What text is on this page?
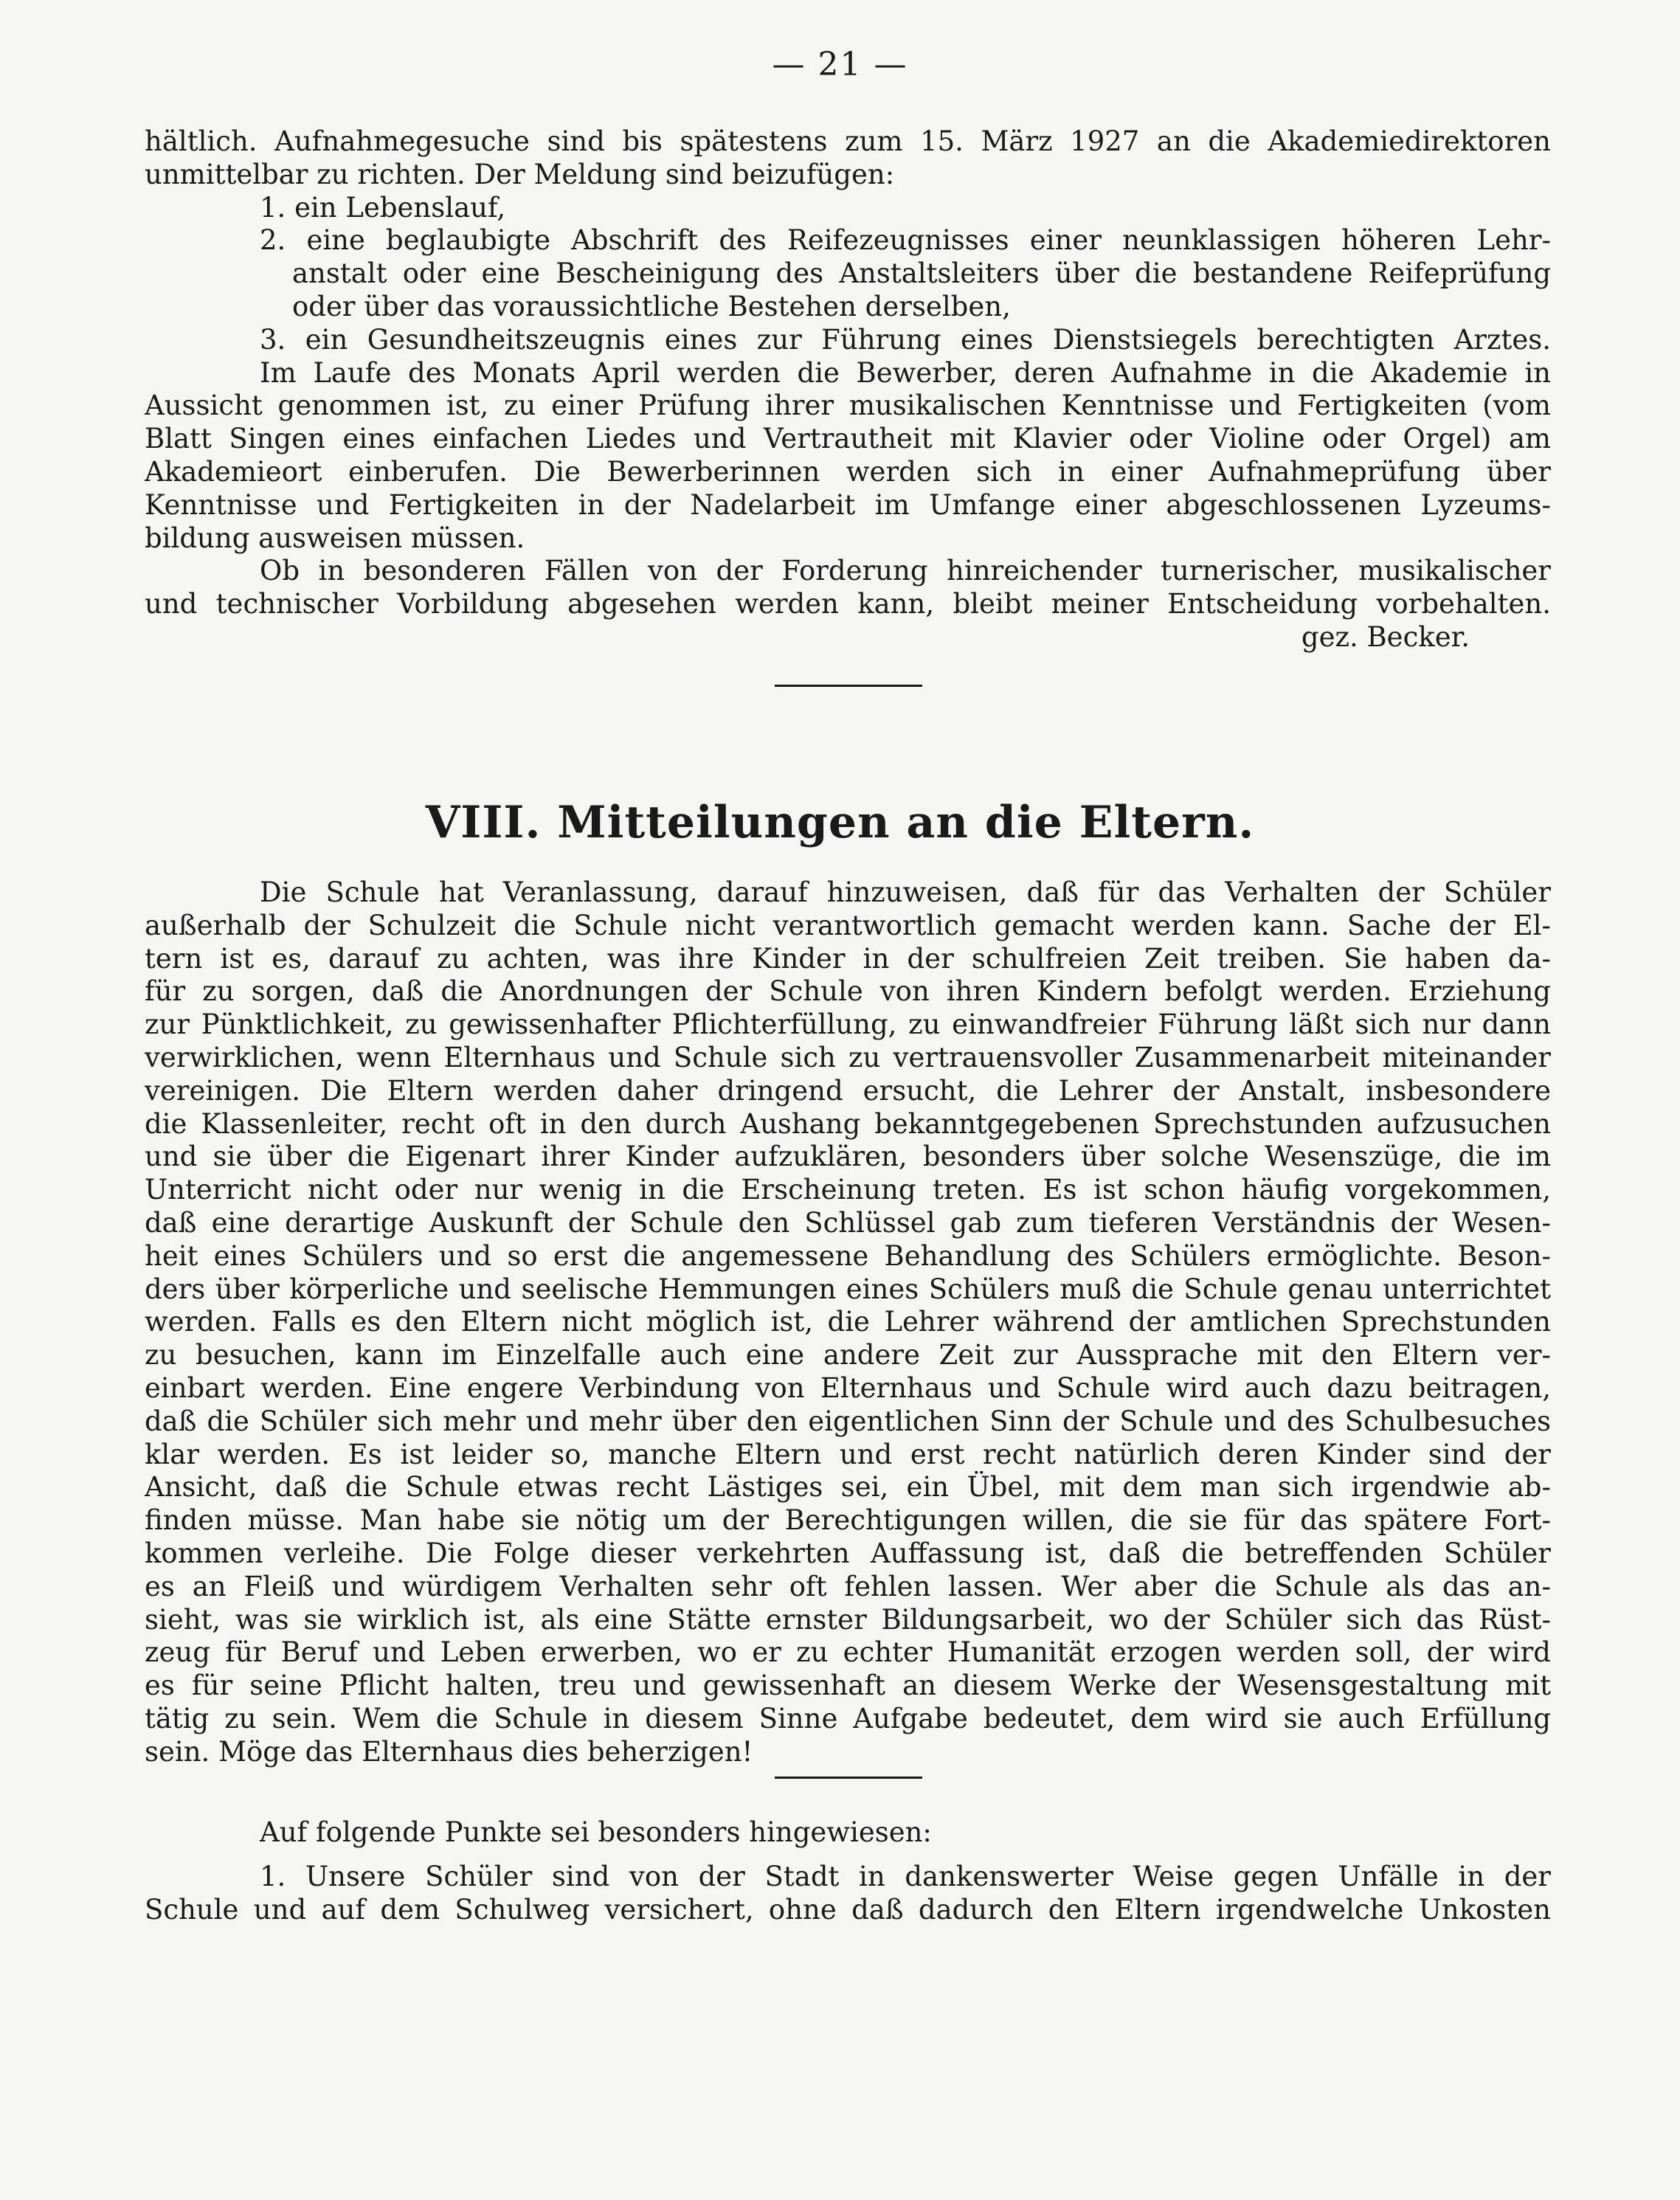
— 21 —
hältlich. Aufnahmegesuche sind bis spätestens zum 15. März 1927 an die Akademiedirektoren
unmittelbar zu richten. Der Meldung sind beizufügen:
1. ein Lebenslauf,
2. eine beglaubigte Abschrift des Reifezeugnisses einer neunklassigen höheren Lehr-
anstalt oder eine Bescheinigung des Anstaltsleiters über die bestandene Reifeprüfung
oder über das voraussichtliche Bestehen derselben,
3. ein Gesundheitszeugnis eines zur Führung eines Dienstsiegels berechtigten Arztes.
Im Laufe des Monats April werden die Bewerber, deren Aufnahme in die Akademie in
Aussicht genommen ist, zu einer Prüfung ihrer musikalischen Kenntnisse und Fertigkeiten (vom
Blatt Singen eines einfachen Liedes und Vertrautheit mit Klavier oder Violine oder Orgel) am
Akademieort einberufen. Die Bewerberinnen werden sich in einer Aufnahmeprüfung über
Kenntnisse und Fertigkeiten in der Nadelarbeit im Umfange einer abgeschlossenen Lyzeums-
bildung ausweisen müssen.
Ob in besonderen Fällen von der Forderung hinreichender turnerischer, musikalischer
und technischer Vorbildung abgesehen werden kann, bleibt meiner Entscheidung vorbehalten.
gez. Becker.
VIII. Mitteilungen an die Eltern.
Die Schule hat Veranlassung, darauf hinzuweisen, daß für das Verhalten der Schüler
außerhalb der Schulzeit die Schule nicht verantwortlich gemacht werden kann. Sache der El-
tern ist es, darauf zu achten, was ihre Kinder in der schulfreien Zeit treiben. Sie haben da-
für zu sorgen, daß die Anordnungen der Schule von ihren Kindern befolgt werden. Erziehung
zur Pünktlichkeit, zu gewissenhafter Pflichterfüllung, zu einwandfreier Führung läßt sich nur dann
verwirklichen, wenn Elternhaus und Schule sich zu vertrauensvoller Zusammenarbeit miteinander
vereinigen. Die Eltern werden daher dringend ersucht, die Lehrer der Anstalt, insbesondere
die Klassenleiter, recht oft in den durch Aushang bekanntgegebenen Sprechstunden aufzusuchen
und sie über die Eigenart ihrer Kinder aufzuklären, besonders über solche Wesenszüge, die im
Unterricht nicht oder nur wenig in die Erscheinung treten. Es ist schon häufig vorgekommen,
daß eine derartige Auskunft der Schule den Schlüssel gab zum tieferen Verständnis der Wesen-
heit eines Schülers und so erst die angemessene Behandlung des Schülers ermöglichte. Beson-
ders über körperliche und seelische Hemmungen eines Schülers muß die Schule genau unterrichtet
werden. Falls es den Eltern nicht möglich ist, die Lehrer während der amtlichen Sprechstunden
zu besuchen, kann im Einzelfalle auch eine andere Zeit zur Aussprache mit den Eltern ver-
einbart werden. Eine engere Verbindung von Elternhaus und Schule wird auch dazu beitragen,
daß die Schüler sich mehr und mehr über den eigentlichen Sinn der Schule und des Schulbesuches
klar werden. Es ist leider so, manche Eltern und erst recht natürlich deren Kinder sind der
Ansicht, daß die Schule etwas recht Lästiges sei, ein Übel, mit dem man sich irgendwie ab-
finden müsse. Man habe sie nötig um der Berechtigungen willen, die sie für das spätere Fort-
kommen verleihe. Die Folge dieser verkehrten Auffassung ist, daß die betreffenden Schüler
es an Fleiß und würdigem Verhalten sehr oft fehlen lassen. Wer aber die Schule als das an-
sieht, was sie wirklich ist, als eine Stätte ernster Bildungsarbeit, wo der Schüler sich das Rüst-
zeug für Beruf und Leben erwerben, wo er zu echter Humanität erzogen werden soll, der wird
es für seine Pflicht halten, treu und gewissenhaft an diesem Werke der Wesensgestaltung mit
tätig zu sein. Wem die Schule in diesem Sinne Aufgabe bedeutet, dem wird sie auch Erfüllung
sein. Möge das Elternhaus dies beherzigen!
Auf folgende Punkte sei besonders hingewiesen:
1. Unsere Schüler sind von der Stadt in dankenswerter Weise gegen Unfälle in der
Schule und auf dem Schulweg versichert, ohne daß dadurch den Eltern irgendwelche Unkosten
